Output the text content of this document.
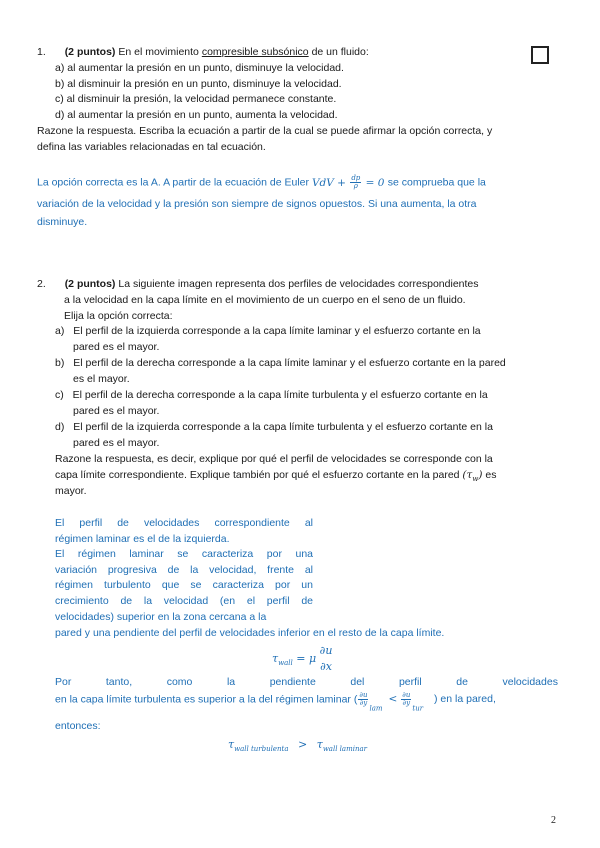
1. (2 puntos) En el movimiento compresible subsónico de un fluido:
a) al aumentar la presión en un punto, disminuye la velocidad.
b) al disminuir la presión en un punto, disminuye la velocidad.
c) al disminuir la presión, la velocidad permanece constante.
d) al aumentar la presión en un punto, aumenta la velocidad.
Razone la respuesta. Escriba la ecuación a partir de la cual se puede afirmar la opción correcta, y
defina las variables relacionadas en tal ecuación.
La opción correcta es la A. A partir de la ecuación de Euler VdV + $\frac{dp}{\rho} = 0$ se comprueba que la
variación de la velocidad y la presión son siempre de signos opuestos. Si una aumenta, la otra
disminuye.
2. (2 puntos) La siguiente imagen representa dos perfiles de velocidades correspondientes
a la velocidad en la capa límite en el movimiento de un cuerpo en el seno de un fluido.
Elija la opción correcta:
a) El perfil de la izquierda corresponde a la capa límite laminar y el esfuerzo cortante en la
pared es el mayor.
b) El perfil de la derecha corresponde a la capa límite laminar y el esfuerzo cortante en la pared
es el mayor.
c) El perfil de la derecha corresponde a la capa límite turbulenta y el esfuerzo cortante en la
pared es el mayor.
d) El perfil de la izquierda corresponde a la capa límite turbulenta y el esfuerzo cortante en la
pared es el mayor.
Razone la respuesta, es decir, explique por qué el perfil de velocidades se corresponde con la
capa límite correspondiente. Explique también por qué el esfuerzo cortante en la pared $(\tau_w)$ es
mayor.
El perfil de velocidades correspondiente al
régimen laminar es el de la izquierda.
El régimen laminar se caracteriza por una
variación progresiva de la velocidad, frente al
régimen turbulento que se caracteriza por un
crecimiento de la velocidad (en el perfil de
velocidades) superior en la zona cercana a la
pared y una pendiente del perfil de velocidades inferior en el resto de la capa límite.
$\tau_{wall} = \mu$
∂u
∂x
Por	tanto,	como	la	pendiente	del	perfil	de	velocidades
en la capa límite turbulenta es superior a la del régimen laminar ( $\frac{\partial u}{\partial y}$
$_{lam} < \frac{\partial u}{\partial y}$
$_{tur}$ ) en la pared,
entonces:
$\tau_{wall turbulenta} > \tau_{wall laminar}$
2
